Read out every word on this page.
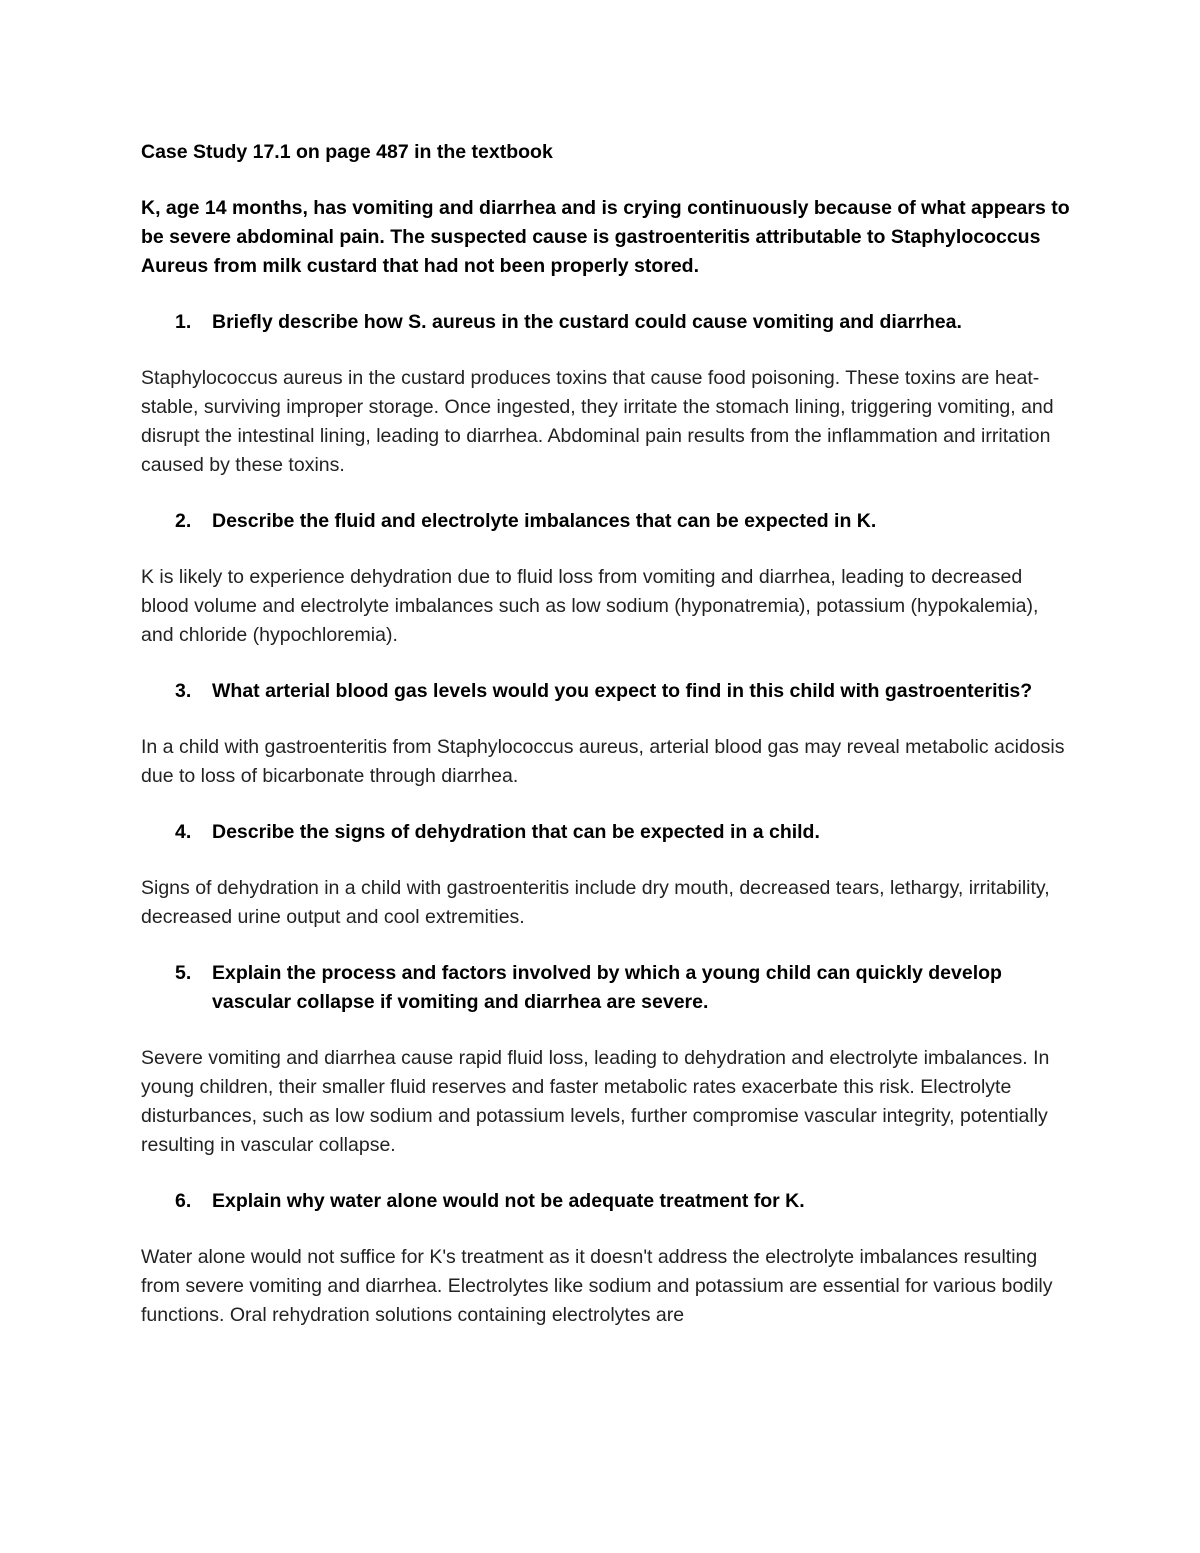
Case Study 17.1 on page 487 in the textbook

K, age 14 months, has vomiting and diarrhea and is crying continuously because of what appears to be severe abdominal pain. The suspected cause is gastroenteritis attributable to Staphylococcus Aureus from milk custard that had not been properly stored.

1.	Briefly describe how S. aureus in the custard could cause vomiting and diarrhea.

Staphylococcus aureus in the custard produces toxins that cause food poisoning. These toxins are heat-stable, surviving improper storage. Once ingested, they irritate the stomach lining, triggering vomiting, and disrupt the intestinal lining, leading to diarrhea. Abdominal pain results from the inflammation and irritation caused by these toxins.

2.	Describe the fluid and electrolyte imbalances that can be expected in K.

K is likely to experience dehydration due to fluid loss from vomiting and diarrhea, leading to decreased blood volume and electrolyte imbalances such as low sodium (hyponatremia), potassium (hypokalemia), and chloride (hypochloremia).

3.	What arterial blood gas levels would you expect to find in this child with gastroenteritis?

In a child with gastroenteritis from Staphylococcus aureus, arterial blood gas may reveal metabolic acidosis due to loss of bicarbonate through diarrhea.

4.	Describe the signs of dehydration that can be expected in a child.

Signs of dehydration in a child with gastroenteritis include dry mouth, decreased tears, lethargy, irritability, decreased urine output and cool extremities.

5.	Explain the process and factors involved by which a young child can quickly develop vascular collapse if vomiting and diarrhea are severe.

Severe vomiting and diarrhea cause rapid fluid loss, leading to dehydration and electrolyte imbalances. In young children, their smaller fluid reserves and faster metabolic rates exacerbate this risk. Electrolyte disturbances, such as low sodium and potassium levels, further compromise vascular integrity, potentially resulting in vascular collapse.

6.	Explain why water alone would not be adequate treatment for K.

Water alone would not suffice for K's treatment as it doesn't address the electrolyte imbalances resulting from severe vomiting and diarrhea. Electrolytes like sodium and potassium are essential for various bodily functions. Oral rehydration solutions containing electrolytes are
